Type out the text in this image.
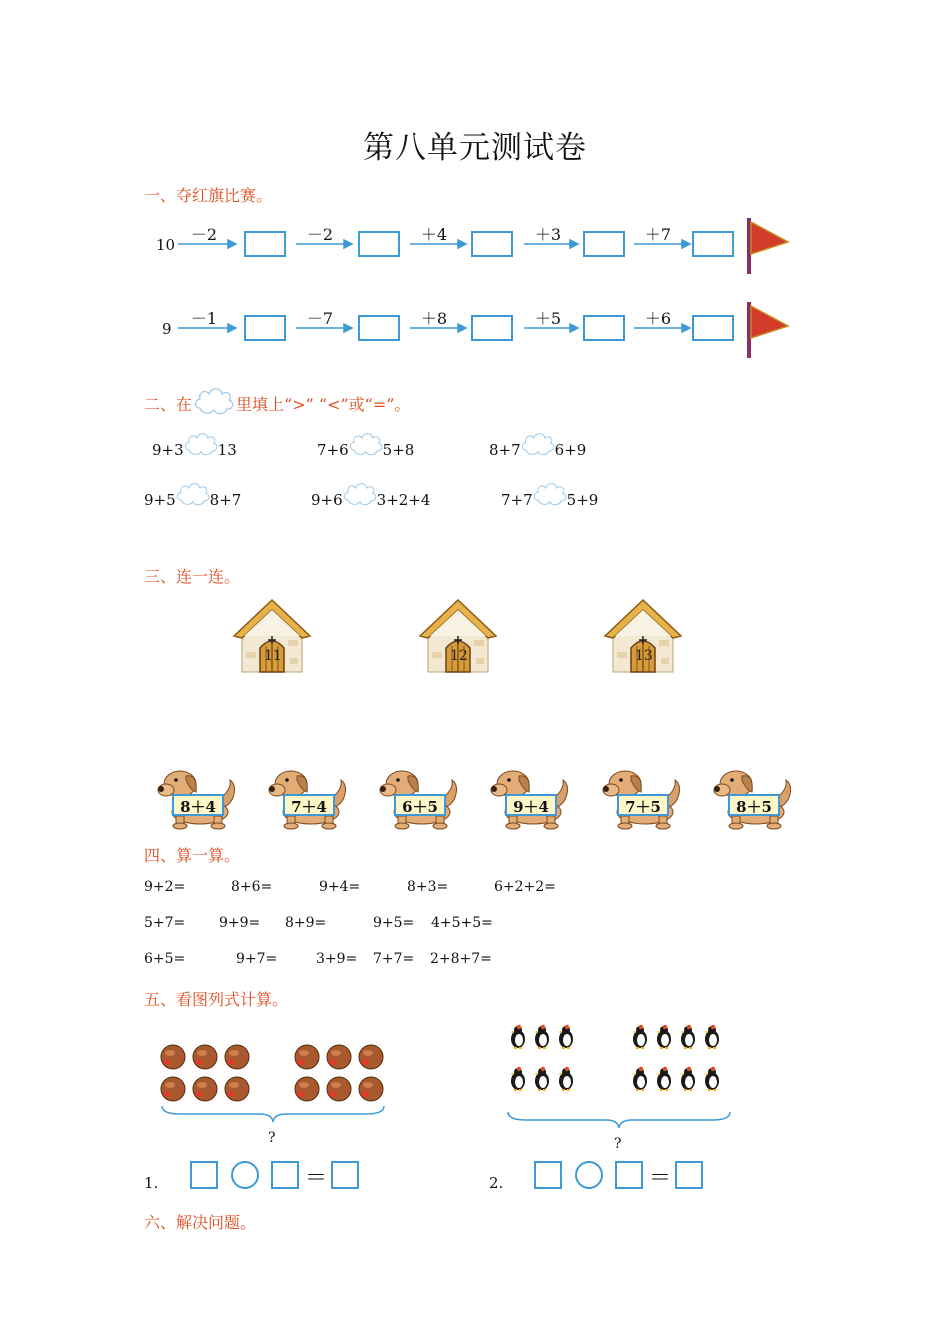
第八单元测试卷
一、夺红旗比赛。
10
－2	－2	＋4	＋3	＋7
9
－1	－7	＋8	＋5	＋6
二、在	里填上“>” “<”或“=”。
9+3 13	7+6 5+8	8+7 6+9
9+5 8+7	9+6 3+2+4	7+7 5+9
三、连一连。
11	12	13
8＋4	7＋4	6＋5	9＋4	7＋5	8＋5
四、算一算。
9+2=	8+6=	9+4=	8+3=	6+2+2=
5+7= 9+9= 8+9=	9+5= 4+5+5=
6+5=	9+7=	3+9= 7+7= 2+8+7=
五、看图列式计算。
?	?
1.	＝	2.	＝
六、解决问题。
